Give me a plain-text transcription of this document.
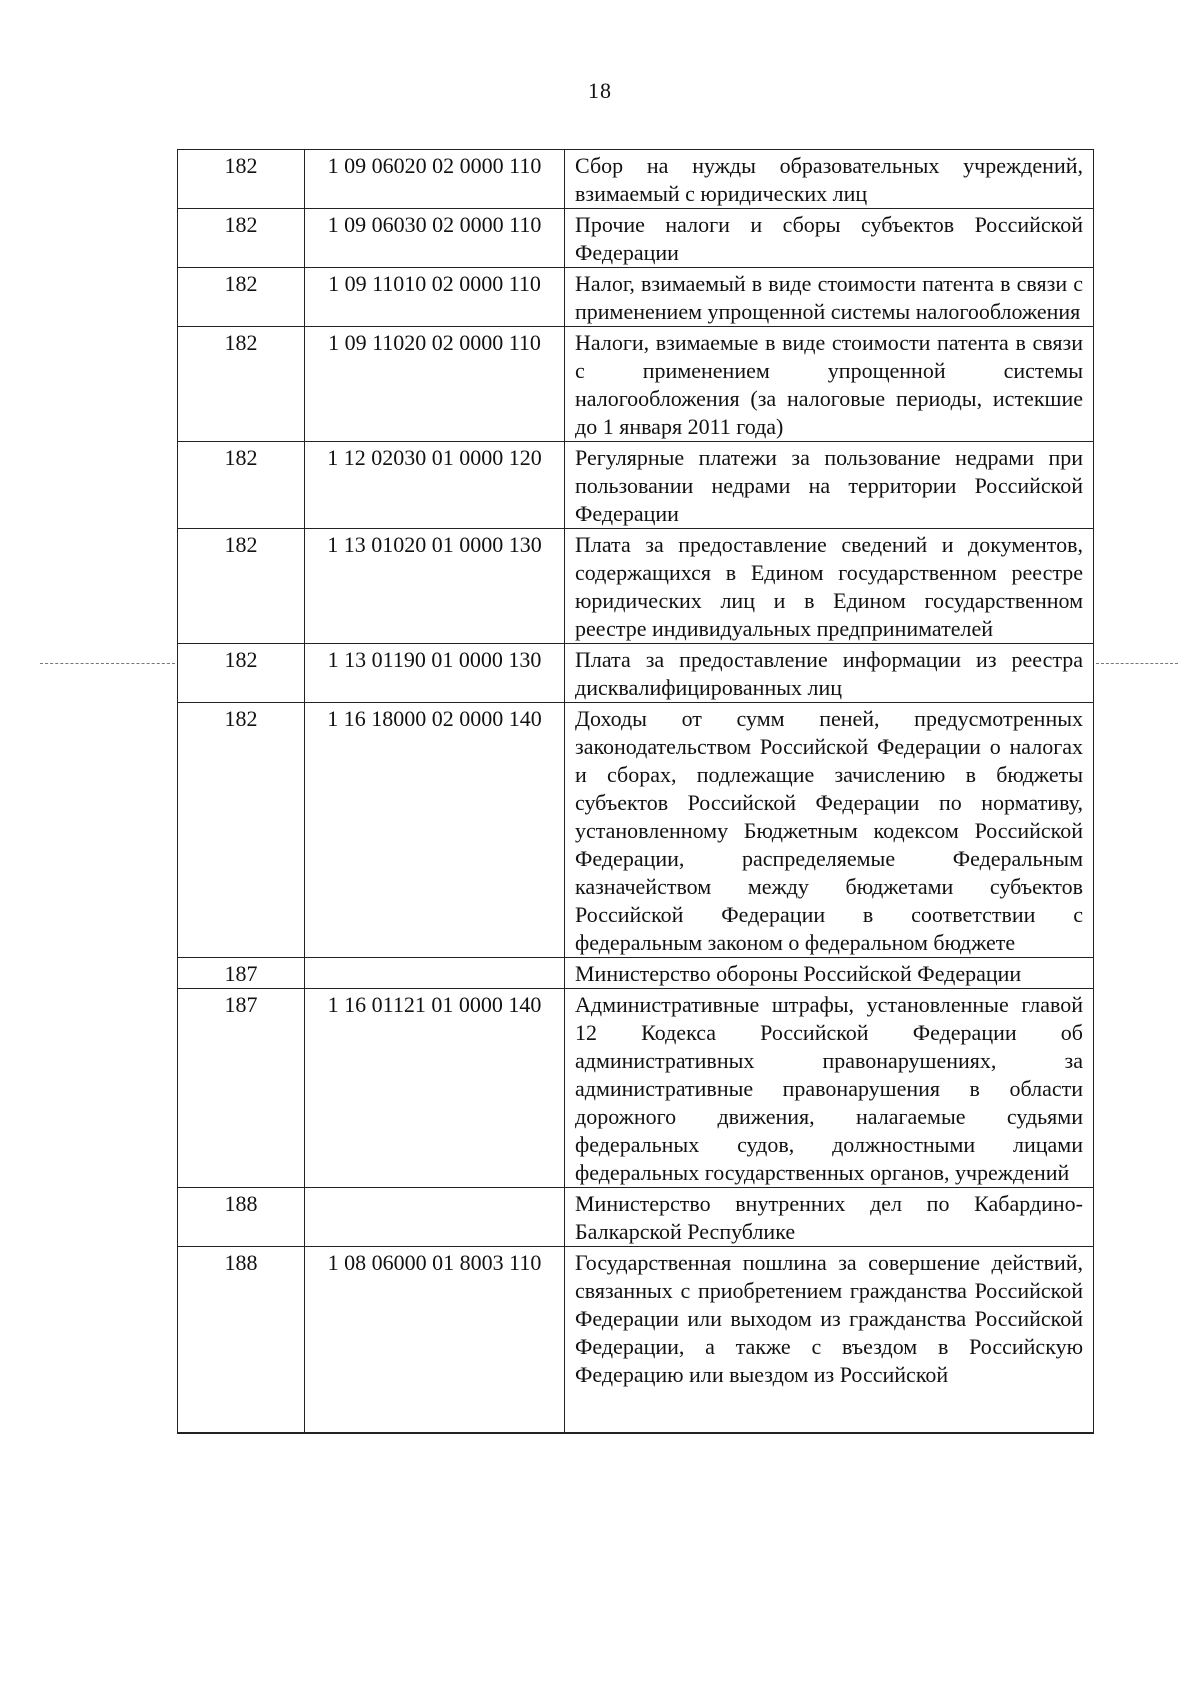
18
182	1 09 06020 02 0000 110	Сбор на нужды образовательных учреждений, взимаемый с юридических лиц
182	1 09 06030 02 0000 110	Прочие налоги и сборы субъектов Российской Федерации
182	1 09 11010 02 0000 110	Налог, взимаемый в виде стоимости патента в связи с применением упрощенной системы налогообложения
182	1 09 11020 02 0000 110	Налоги, взимаемые в виде стоимости патента в связи с применением упрощенной системы налогообложения (за налоговые периоды, истекшие до 1 января 2011 года)
182	1 12 02030 01 0000 120	Регулярные платежи за пользование недрами при пользовании недрами на территории Российской Федерации
182	1 13 01020 01 0000 130	Плата за предоставление сведений и документов, содержащихся в Едином государственном реестре юридических лиц и в Едином государственном реестре индивидуальных предпринимателей
182	1 13 01190 01 0000 130	Плата за предоставление информации из реестра дисквалифицированных лиц
182	1 16 18000 02 0000 140	Доходы от сумм пеней, предусмотренных законодательством Российской Федерации о налогах и сборах, подлежащие зачислению в бюджеты субъектов Российской Федерации по нормативу, установленному Бюджетным кодексом Российской Федерации, распределяемые Федеральным казначейством между бюджетами субъектов Российской Федерации в соответствии с федеральным законом о федеральном бюджете
187		Министерство обороны Российской Федерации
187	1 16 01121 01 0000 140	Административные штрафы, установленные главой 12 Кодекса Российской Федерации об административных правонарушениях, за административные правонарушения в области дорожного движения, налагаемые судьями федеральных судов, должностными лицами федеральных государственных органов, учреждений
188		Министерство внутренних дел по Кабардино-Балкарской Республике
188	1 08 06000 01 8003 110	Государственная пошлина за совершение действий, связанных с приобретением гражданства Российской Федерации или выходом из гражданства Российской Федерации, а также с въездом в Российскую Федерацию или выездом из Российской
